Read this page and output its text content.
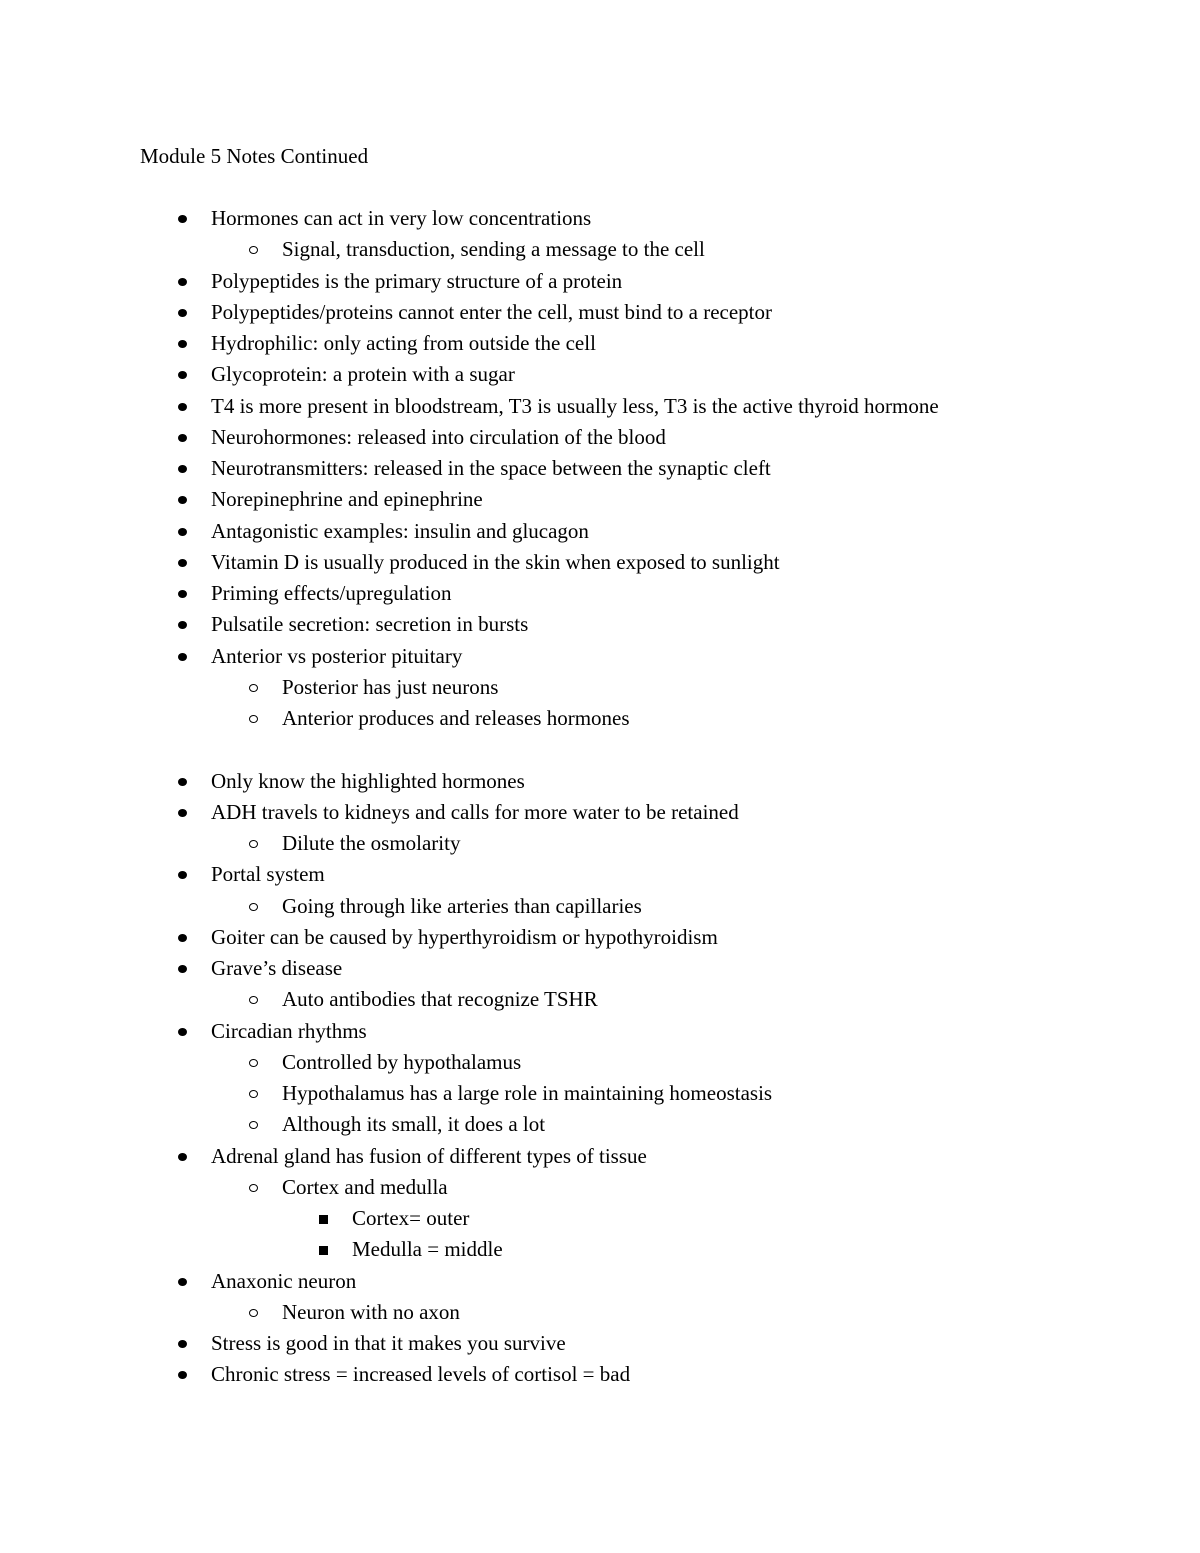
Module 5 Notes Continued
Hormones can act in very low concentrations
Signal, transduction, sending a message to the cell
Polypeptides is the primary structure of a protein
Polypeptides/proteins cannot enter the cell, must bind to a receptor
Hydrophilic: only acting from outside the cell
Glycoprotein: a protein with a sugar
T4 is more present in bloodstream, T3 is usually less, T3 is the active thyroid hormone
Neurohormones: released into circulation of the blood
Neurotransmitters: released in the space between the synaptic cleft
Norepinephrine and epinephrine
Antagonistic examples: insulin and glucagon
Vitamin D is usually produced in the skin when exposed to sunlight
Priming effects/upregulation
Pulsatile secretion: secretion in bursts
Anterior vs posterior pituitary
Posterior has just neurons
Anterior produces and releases hormones
Only know the highlighted hormones
ADH travels to kidneys and calls for more water to be retained
Dilute the osmolarity
Portal system
Going through like arteries than capillaries
Goiter can be caused by hyperthyroidism or hypothyroidism
Grave’s disease
Auto antibodies that recognize TSHR
Circadian rhythms
Controlled by hypothalamus
Hypothalamus has a large role in maintaining homeostasis
Although its small, it does a lot
Adrenal gland has fusion of different types of tissue
Cortex and medulla
Cortex= outer
Medulla = middle
Anaxonic neuron
Neuron with no axon
Stress is good in that it makes you survive
Chronic stress = increased levels of cortisol = bad
